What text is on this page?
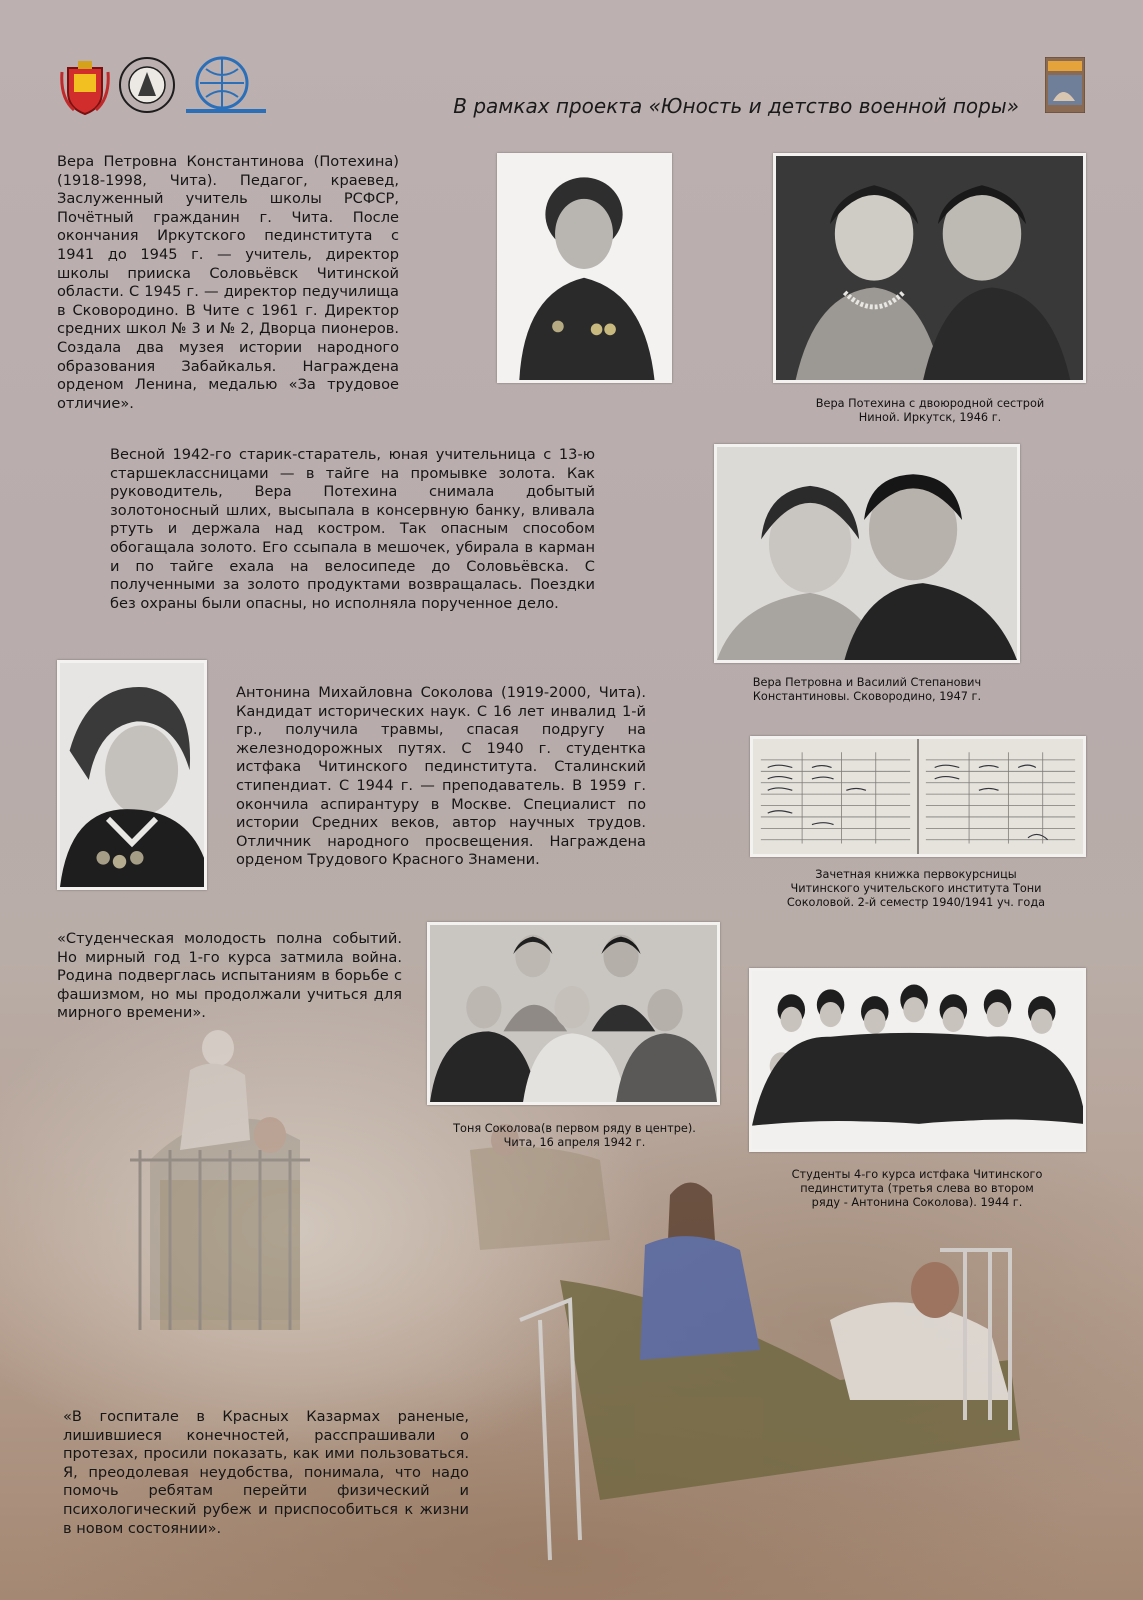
В рамках проекта «Юность и детство военной поры»
Вера Петровна Константинова (Потехина) (1918-1998, Чита). Педагог, краевед, Заслуженный учитель школы РСФСР, Почётный гражданин г. Чита. После окончания Иркутского пединститута с 1941 до 1945 г. — учитель, директор школы прииска Соловьёвск Читинской области. С 1945 г. — директор педучилища в Сковородино. В Чите с 1961 г. Директор средних школ № 3 и № 2, Дворца пионеров. Создала два музея истории народного образования Забайкалья. Награждена орденом Ленина, медалью «За трудовое отличие».	Вера Потехина с двоюродной сестрой Ниной. Иркутск, 1946 г.
Весной 1942-го старик-старатель, юная учительница с 13-ю старшеклассницами — в тайге на промывке золота. Как руководитель, Вера Потехина снимала добытый золотоносный шлих, высыпала в консервную банку, вливала ртуть и держала над костром. Так опасным способом обогащала золото. Его ссыпала в мешочек, убирала в карман и по тайге ехала на велосипеде до Соловьёвска. С полученными за золото продуктами возвращалась. Поездки без охраны были опасны, но исполняла порученное дело.
Вера Петровна и Василий Степанович Константиновы. Сковородино, 1947 г.
Антонина Михайловна Соколова (1919-2000, Чита). Кандидат исторических наук. С 16 лет инвалид 1-й гр., получила травмы, спасая подругу на железнодорожных путях. С 1940 г. студентка истфака Читинского пединститута. Сталинский стипендиат. С 1944 г. — преподаватель. В 1959 г. окончила аспирантуру в Москве. Специалист по истории Средних веков, автор научных трудов. Отличник народного просвещения. Награждена орденом Трудового Красного Знамени.
Зачетная книжка первокурсницы Читинского учительского института Тони Соколовой. 2-й семестр 1940/1941 уч. года
«Студенческая молодость полна событий. Но мирный год 1-го курса затмила война. Родина подверглась испытаниям в борьбе с фашизмом, но мы продолжали учиться для мирного времени».
Тоня Соколова(в первом ряду в центре). Чита, 16 апреля 1942 г.
Студенты 4-го курса истфака Читинского пединститута (третья слева во втором ряду - Антонина Соколова). 1944 г.
«В госпитале в Красных Казармах раненые, лишившиеся конечностей, расспрашивали о протезах, просили показать, как ими пользоваться. Я, преодолевая неудобства, понимала, что надо помочь ребятам перейти физический и психологический рубеж и приспособиться к жизни в новом состоянии».
